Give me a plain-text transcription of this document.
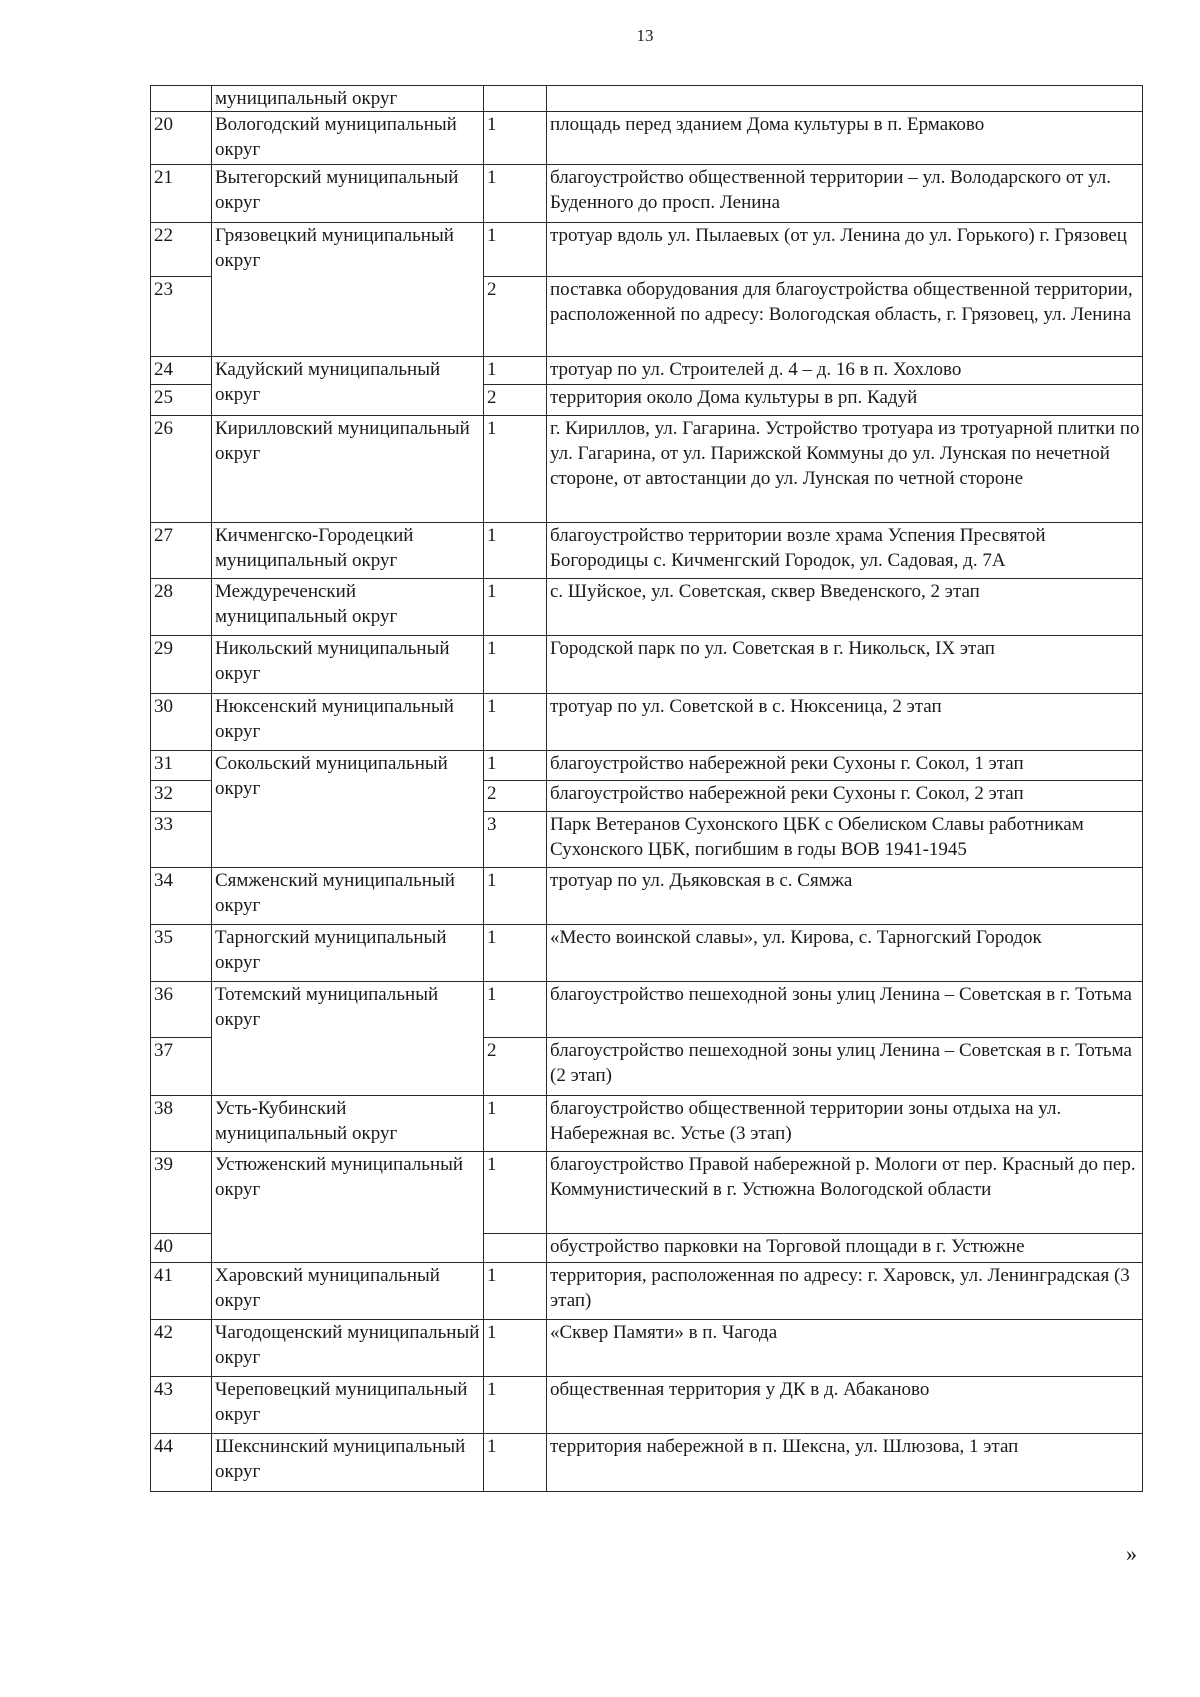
13
	муниципальный округ		
20	Вологодский муниципальный округ	1	площадь перед зданием Дома культуры в п. Ермаково
21	Вытегорский муниципальный округ	1	благоустройство общественной территории – ул. Володарского от ул. Буденного до просп. Ленина
22	Грязовецкий муниципальный округ	1	тротуар вдоль ул. Пылаевых (от ул. Ленина до ул. Горького) г. Грязовец
23		2	поставка оборудования для благоустройства общественной территории, расположенной по адресу: Вологодская область, г. Грязовец, ул. Ленина
24	Кадуйский муниципальный округ	1	тротуар по ул. Строителей д. 4 – д. 16 в п. Хохлово
25		2	территория около Дома культуры в рп. Кадуй
26	Кирилловский муниципальный округ	1	г. Кириллов, ул. Гагарина. Устройство тротуара из тротуарной плитки по ул. Гагарина, от ул. Парижской Коммуны до ул. Лунская по нечетной стороне, от автостанции до ул. Лунская по четной стороне
27	Кичменгско-Городецкий муниципальный округ	1	благоустройство территории возле храма Успения Пресвятой Богородицы с. Кичменгский Городок, ул. Садовая, д. 7А
28	Междуреченский муниципальный округ	1	с. Шуйское, ул. Советская, сквер Введенского, 2 этап
29	Никольский муниципальный округ	1	Городской парк по ул. Советская в г. Никольск, IX этап
30	Нюксенский муниципальный округ	1	тротуар по ул. Советской в с. Нюксеница, 2 этап
31	Сокольский муниципальный округ	1	благоустройство набережной реки Сухоны г. Сокол, 1 этап
32		2	благоустройство набережной реки Сухоны г. Сокол, 2 этап
33		3	Парк Ветеранов Сухонского ЦБК с Обелиском Славы работникам Сухонского ЦБК, погибшим в годы ВОВ 1941-1945
34	Сямженский муниципальный округ	1	тротуар по ул. Дьяковская в с. Сямжа
35	Тарногский муниципальный округ	1	«Место воинской славы», ул. Кирова, с. Тарногский Городок
36	Тотемский муниципальный округ	1	благоустройство пешеходной зоны улиц Ленина – Советская в г. Тотьма
37		2	благоустройство пешеходной зоны улиц Ленина – Советская в г. Тотьма (2 этап)
38	Усть-Кубинский муниципальный округ	1	благоустройство общественной территории зоны отдыха на ул. Набережная вс. Устье (3 этап)
39	Устюженский муниципальный округ	1	благоустройство Правой набережной р. Мологи от пер. Красный до пер. Коммунистический в г. Устюжна Вологодской области
40			обустройство парковки на Торговой площади в г. Устюжне
41	Харовский муниципальный округ	1	территория, расположенная по адресу: г. Харовск, ул. Ленинградская (3 этап)
42	Чагодощенский муниципальный округ	1	«Сквер Памяти» в п. Чагода
43	Череповецкий муниципальный округ	1	общественная территория у ДК в д. Абаканово
44	Шекснинский муниципальный округ	1	территория набережной в п. Шексна, ул. Шлюзова, 1 этап
»
